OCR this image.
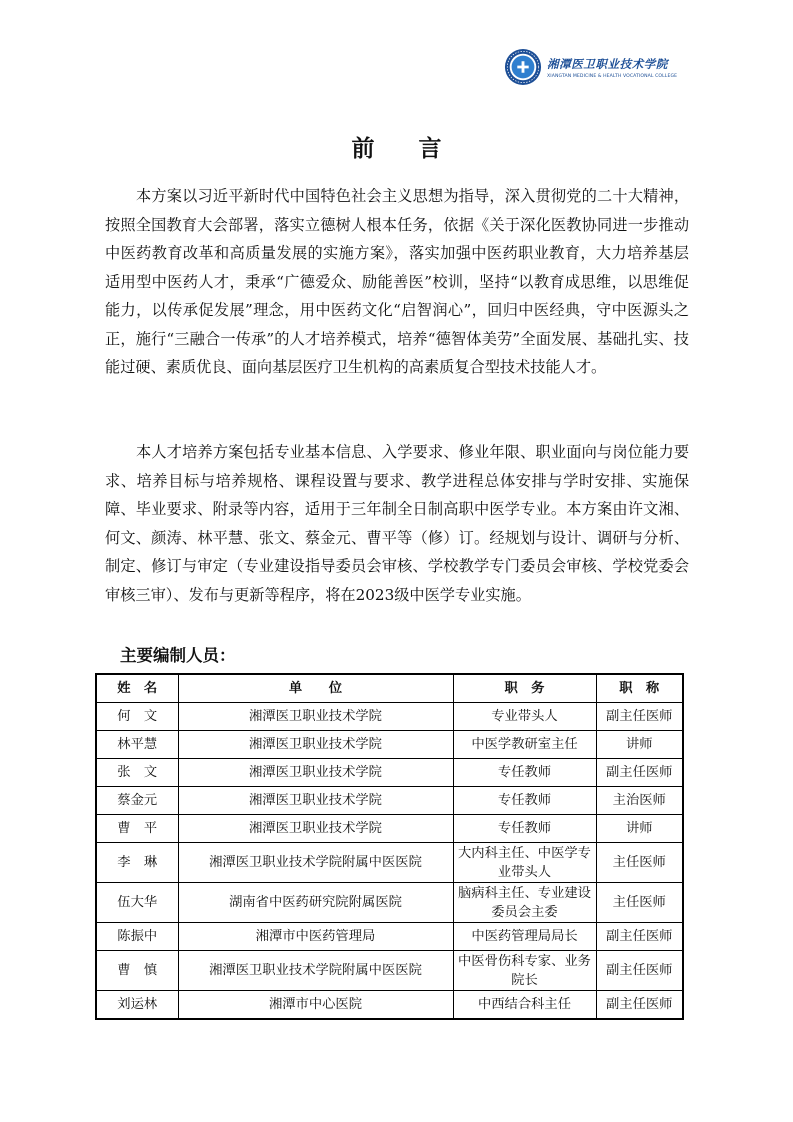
湘潭医卫职业技术学院
XIANGTAN MEDICINE & HEALTH VOCATIONAL COLLEGE
前 言

本方案以习近平新时代中国特色社会主义思想为指导，深入贯彻党的二十大精神，按照全国教育大会部署，落实立德树人根本任务，依据《关于深化医教协同进一步推动中医药教育改革和高质量发展的实施方案》，落实加强中医药职业教育，大力培养基层适用型中医药人才，秉承“广德爱众、励能善医”校训，坚持“以教育成思维，以思维促能力，以传承促发展”理念，用中医药文化“启智润心”，回归中医经典，守中医源头之正，施行“三融合一传承”的人才培养模式，培养“德智体美劳”全面发展、基础扎实、技能过硬、素质优良、面向基层医疗卫生机构的高素质复合型技术技能人才。

本人才培养方案包括专业基本信息、入学要求、修业年限、职业面向与岗位能力要求、培养目标与培养规格、课程设置与要求、教学进程总体安排与学时安排、实施保障、毕业要求、附录等内容，适用于三年制全日制高职中医学专业。本方案由许文湘、何文、颜涛、林平慧、张文、蔡金元、曹平等（修）订。经规划与设计、调研与分析、制定、修订与审定（专业建设指导委员会审核、学校教学专门委员会审核、学校党委会审核三审）、发布与更新等程序，将在2023级中医学专业实施。

主要编制人员：
姓　名	单　　位	职　务	职　称
何　文	湘潭医卫职业技术学院	专业带头人	副主任医师
林平慧	湘潭医卫职业技术学院	中医学教研室主任	讲师
张　文	湘潭医卫职业技术学院	专任教师	副主任医师
蔡金元	湘潭医卫职业技术学院	专任教师	主治医师
曹　平	湘潭医卫职业技术学院	专任教师	讲师
李　琳	湘潭医卫职业技术学院附属中医医院	大内科主任、中医学专业带头人	主任医师
伍大华	湖南省中医药研究院附属医院	脑病科主任、专业建设委员会主委	主任医师
陈振中	湘潭市中医药管理局	中医药管理局局长	副主任医师
曹　慎	湘潭医卫职业技术学院附属中医医院	中医骨伤科专家、业务院长	副主任医师
刘运林	湘潭市中心医院	中西结合科主任	副主任医师
